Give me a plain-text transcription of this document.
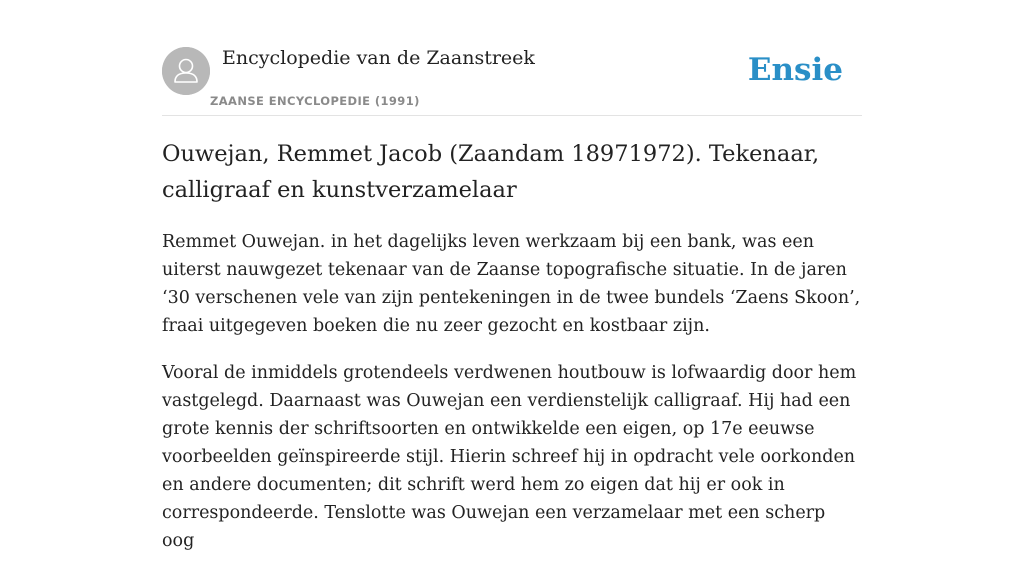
Encyclopedie van de Zaanstreek
ZAANSE ENCYCLOPEDIE (1991)
Ensie
Ouwejan, Remmet Jacob (Zaandam 18971972). Tekenaar, calligraaf en kunstverzamelaar

Remmet Ouwejan. in het dagelijks leven werkzaam bij een bank, was een uiterst nauwgezet tekenaar van de Zaanse topografische situatie. In de jaren ‘30 verschenen vele van zijn pentekeningen in de twee bundels ‘Zaens Skoon’, fraai uitgegeven boeken die nu zeer gezocht en kostbaar zijn.

Vooral de inmiddels grotendeels verdwenen houtbouw is lofwaardig door hem vastgelegd. Daarnaast was Ouwejan een verdienstelijk calligraaf. Hij had een grote kennis der schriftsoorten en ontwikkelde een eigen, op 17e eeuwse voorbeelden geïnspireerde stijl. Hierin schreef hij in opdracht vele oorkonden en andere documenten; dit schrift werd hem zo eigen dat hij er ook in correspondeerde. Tenslotte was Ouwejan een verzamelaar met een scherp oog
